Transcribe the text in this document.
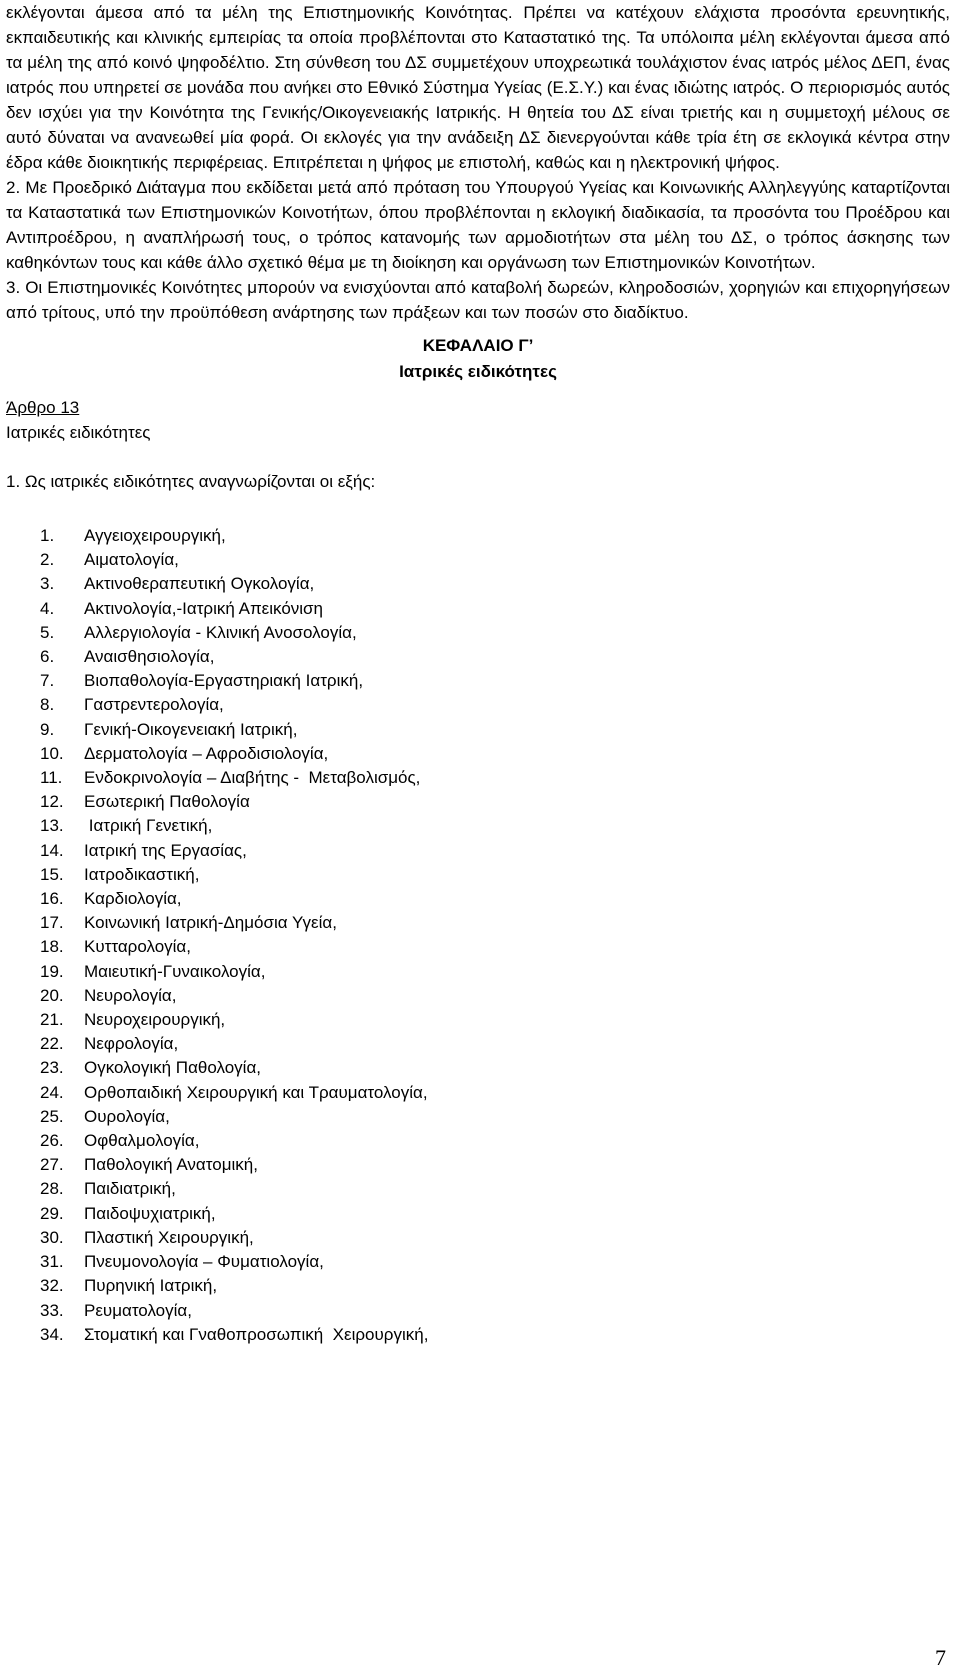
εκλέγονται άμεσα από τα μέλη της Επιστημονικής Κοινότητας. Πρέπει να κατέχουν ελάχιστα προσόντα ερευνητικής, εκπαιδευτικής και κλινικής εμπειρίας τα οποία προβλέπονται στο Καταστατικό της. Τα υπόλοιπα μέλη εκλέγονται άμεσα από τα μέλη της από κοινό ψηφοδέλτιο. Στη σύνθεση του ΔΣ συμμετέχουν υποχρεωτικά τουλάχιστον ένας ιατρός μέλος ΔΕΠ, ένας ιατρός που υπηρετεί σε μονάδα που ανήκει στο Εθνικό Σύστημα Υγείας (Ε.Σ.Υ.) και ένας ιδιώτης ιατρός. Ο περιορισμός αυτός δεν ισχύει για την Κοινότητα της Γενικής/Οικογενειακής Ιατρικής. Η θητεία του ΔΣ είναι τριετής και η συμμετοχή μέλους σε αυτό δύναται να ανανεωθεί μία φορά. Οι εκλογές για την ανάδειξη ΔΣ διενεργούνται κάθε τρία έτη σε εκλογικά κέντρα στην έδρα κάθε διοικητικής περιφέρειας. Επιτρέπεται η ψήφος με επιστολή, καθώς και η ηλεκτρονική ψήφος.

2. Με Προεδρικό Διάταγμα που εκδίδεται μετά από πρόταση του Υπουργού Υγείας και Κοινωνικής Αλληλεγγύης καταρτίζονται τα Καταστατικά των Επιστημονικών Κοινοτήτων, όπου προβλέπονται η εκλογική διαδικασία, τα προσόντα του Προέδρου και Αντιπροέδρου, η αναπλήρωσή τους, ο τρόπος κατανομής των αρμοδιοτήτων στα μέλη του ΔΣ, ο τρόπος άσκησης των καθηκόντων τους και κάθε άλλο σχετικό θέμα με τη διοίκηση και οργάνωση των Επιστημονικών Κοινοτήτων.

3. Οι Επιστημονικές Κοινότητες μπορούν να ενισχύονται από καταβολή δωρεών, κληροδοσιών, χορηγιών και επιχορηγήσεων από τρίτους, υπό την προϋπόθεση ανάρτησης των πράξεων και των ποσών στο διαδίκτυο.

ΚΕΦΑΛΑΙΟ Γ’
Ιατρικές ειδικότητες
Άρθρο 13
Ιατρικές ειδικότητες
1. Ως ιατρικές ειδικότητες αναγνωρίζονται οι εξής:
1.	Αγγειοχειρουργική,
2.	Αιματολογία,
3.	Ακτινοθεραπευτική Ογκολογία,
4.	Ακτινολογία,-Ιατρική Απεικόνιση
5.	Αλλεργιολογία - Κλινική Ανοσολογία,
6.	Αναισθησιολογία,
7.	Βιοπαθολογία-Εργαστηριακή Ιατρική,
8.	Γαστρεντερολογία,
9.	Γενική-Οικογενειακή Ιατρική,
10.	Δερματολογία – Αφροδισιολογία,
11.	Ενδοκρινολογία – Διαβήτης -  Μεταβολισμός,
12.	Εσωτερική Παθολογία
13.	Ιατρική Γενετική,
14.	Ιατρική της Εργασίας,
15.	Ιατροδικαστική,
16.	Καρδιολογία,
17.	Κοινωνική Ιατρική-Δημόσια Υγεία,
18.	Κυτταρολογία,
19.	Μαιευτική-Γυναικολογία,
20.	Νευρολογία,
21.	Νευροχειρουργική,
22.	Νεφρολογία,
23.	Ογκολογική Παθολογία,
24.	Ορθοπαιδική Χειρουργική και Τραυματολογία,
25.	Ουρολογία,
26.	Οφθαλμολογία,
27.	Παθολογική Ανατομική,
28.	Παιδιατρική,
29.	Παιδοψυχιατρική,
30.	Πλαστική Χειρουργική,
31.	Πνευμονολογία – Φυματιολογία,
32.	Πυρηνική Ιατρική,
33.	Ρευματολογία,
34.	Στοματική και Γναθοπροσωπική  Χειρουργική,
7
